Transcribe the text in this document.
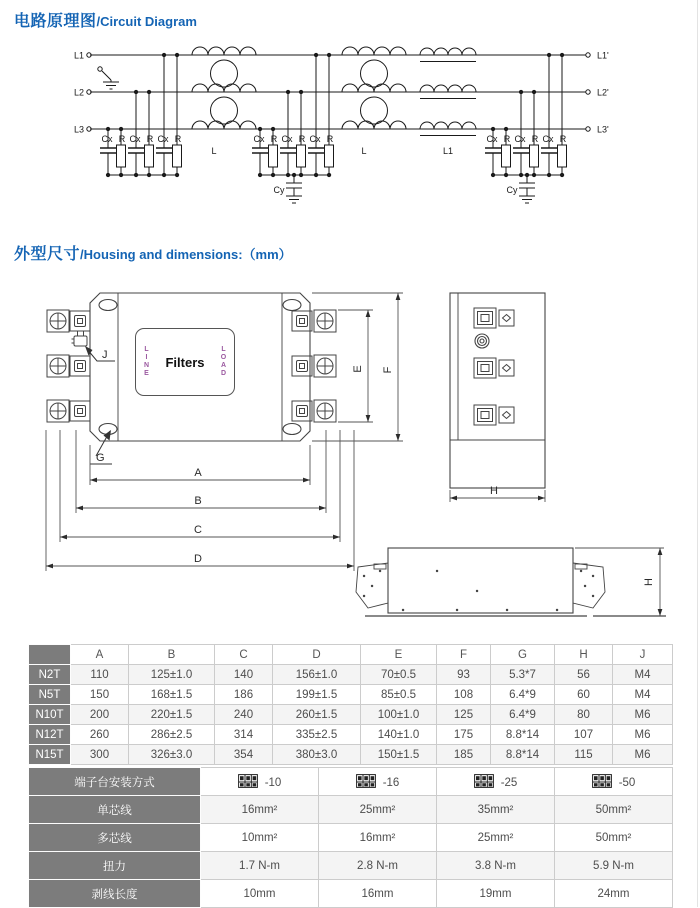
电路原理图/Circuit Diagram
Cx R Cx R Cx R
Cy
L	L1
L1
L2
L3
L1'
L2'
L3'
外型尺寸/Housing and dimensions:（mm）
J
G
A
B
C
D
E F
H
H
LINE Filters LOAD
	A	B	C	D	E	F	G	H	J
N2T	110	125±1.0	140	156±1.0	70±0.5	93	5.3*7	56	M4
N5T	150	168±1.5	186	199±1.5	85±0.5	108	6.4*9	60	M4
N10T	200	220±1.5	240	260±1.5	100±1.0	125	6.4*9	80	M6
N12T	260	286±2.5	314	335±2.5	140±1.0	175	8.8*14	107	M6
N15T	300	326±3.0	354	380±3.0	150±1.5	185	8.8*14	115	M6
端子台安装方式	-10	-16	-25	-50
单芯线	16mm²	25mm²	35mm²	50mm²
多芯线	10mm²	16mm²	25mm²	50mm²
扭力	1.7 N-m	2.8 N-m	3.8 N-m	5.9 N-m
剥线长度	10mm	16mm	19mm	24mm
